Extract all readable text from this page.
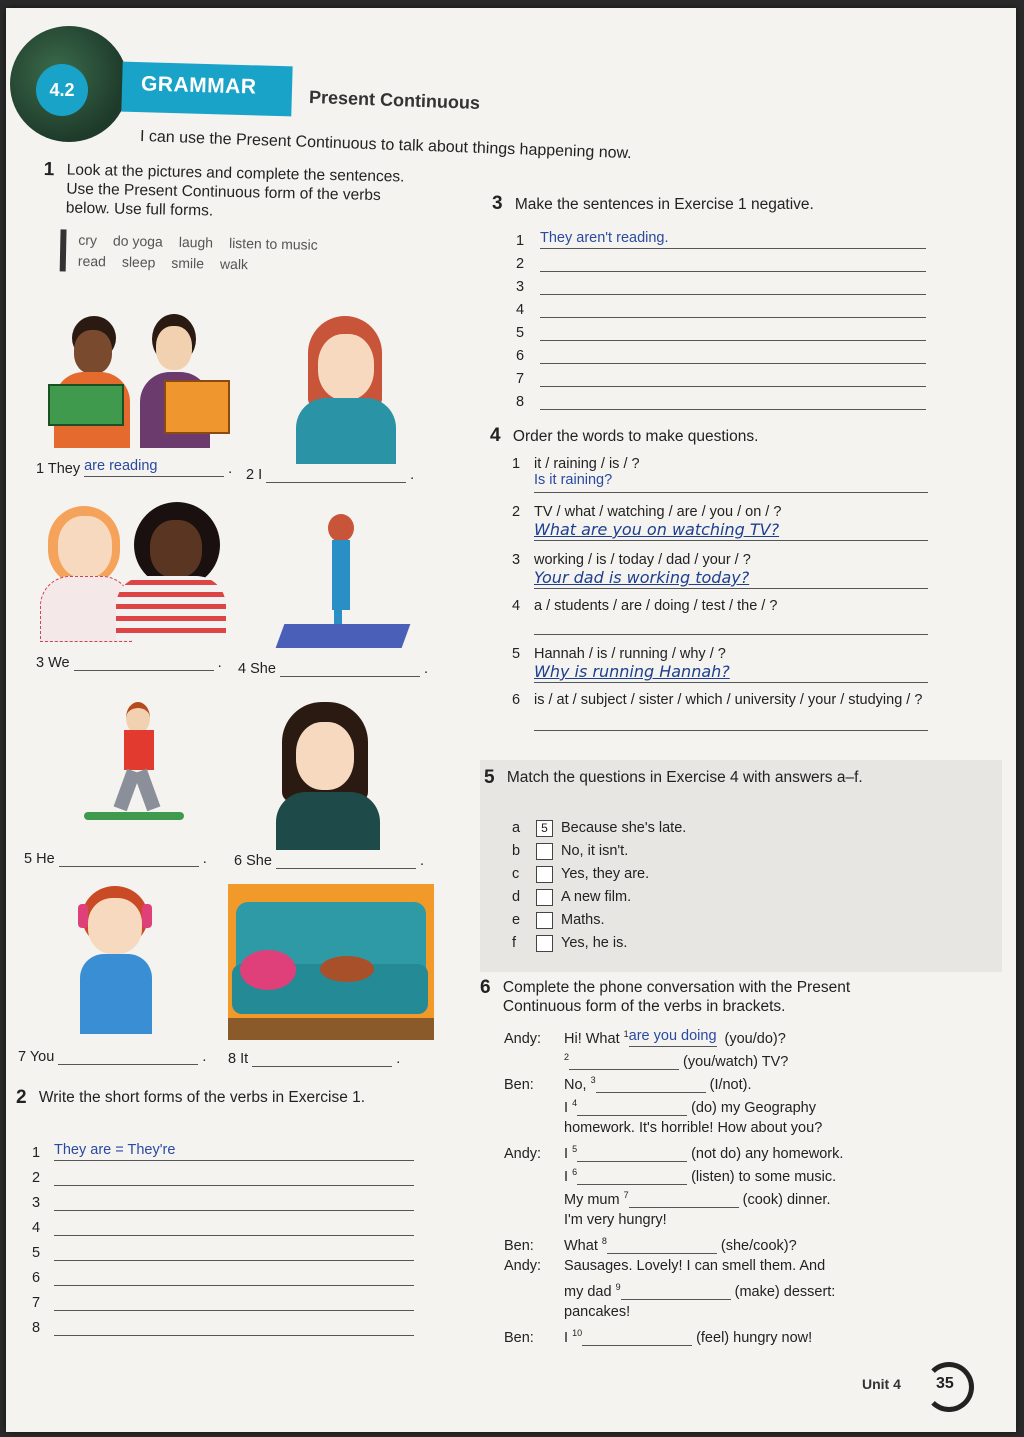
4.2	GRAMMAR
Present Continuous
I can use the Present Continuous to talk about things happening now.
1 Look at the pictures and complete the sentences. Use the Present Continuous form of the verbs below. Use full forms.
cry do yoga laugh listen to music
read sleep smile walk
2 Write the short forms of the verbs in Exercise 1.
3 Make the sentences in Exercise 1 negative.
4 Order the words to make questions.
5 Match the questions in Exercise 4 with answers a–f.
6 Complete the phone conversation with the Present Continuous form of the verbs in brackets.
Unit 4 35
1 They are reading	. 2 I	.
3 We	. 4 She	.
5 He	. 6 She	.
7 You	. 8 It	.
1 They are = They're
2
3
4
5
6
7
8
1 They aren't reading.
2
3
4
5
6
7
8
1 it / raining / is / ?
Is it raining?
2 TV / what / watching / are / you / on / ?
What are you on watching TV?
3 working / is / today / dad / your / ?
Your dad is working today?
4 a / students / are / doing / test / the / ?
5 Hannah / is / running / why / ?
Why is running Hannah?
6 is / at / subject / sister / which / university / your / studying / ?
a 5 Because she's late.
b	No, it isn't.
c	Yes, they are.
d	A new film.
e	Maths.
f	Yes, he is.
Andy: Hi! What $^1$are you doing (you/do)?
$^2$	(you/watch) TV?
Ben: No, $^3$	(I/not).
I $^4$	(do) my Geography
homework. It's horrible! How about you?
Andy: I $^5$	(not do) any homework.
I $^6$	(listen) to some music.
My mum $^7$	(cook) dinner.
I'm very hungry!
Ben: What $^8$	(she/cook)?
Andy: Sausages. Lovely! I can smell them. And
my dad $^9$	(make) dessert:
pancakes!
Ben: I $^{10}$	(feel) hungry now!
